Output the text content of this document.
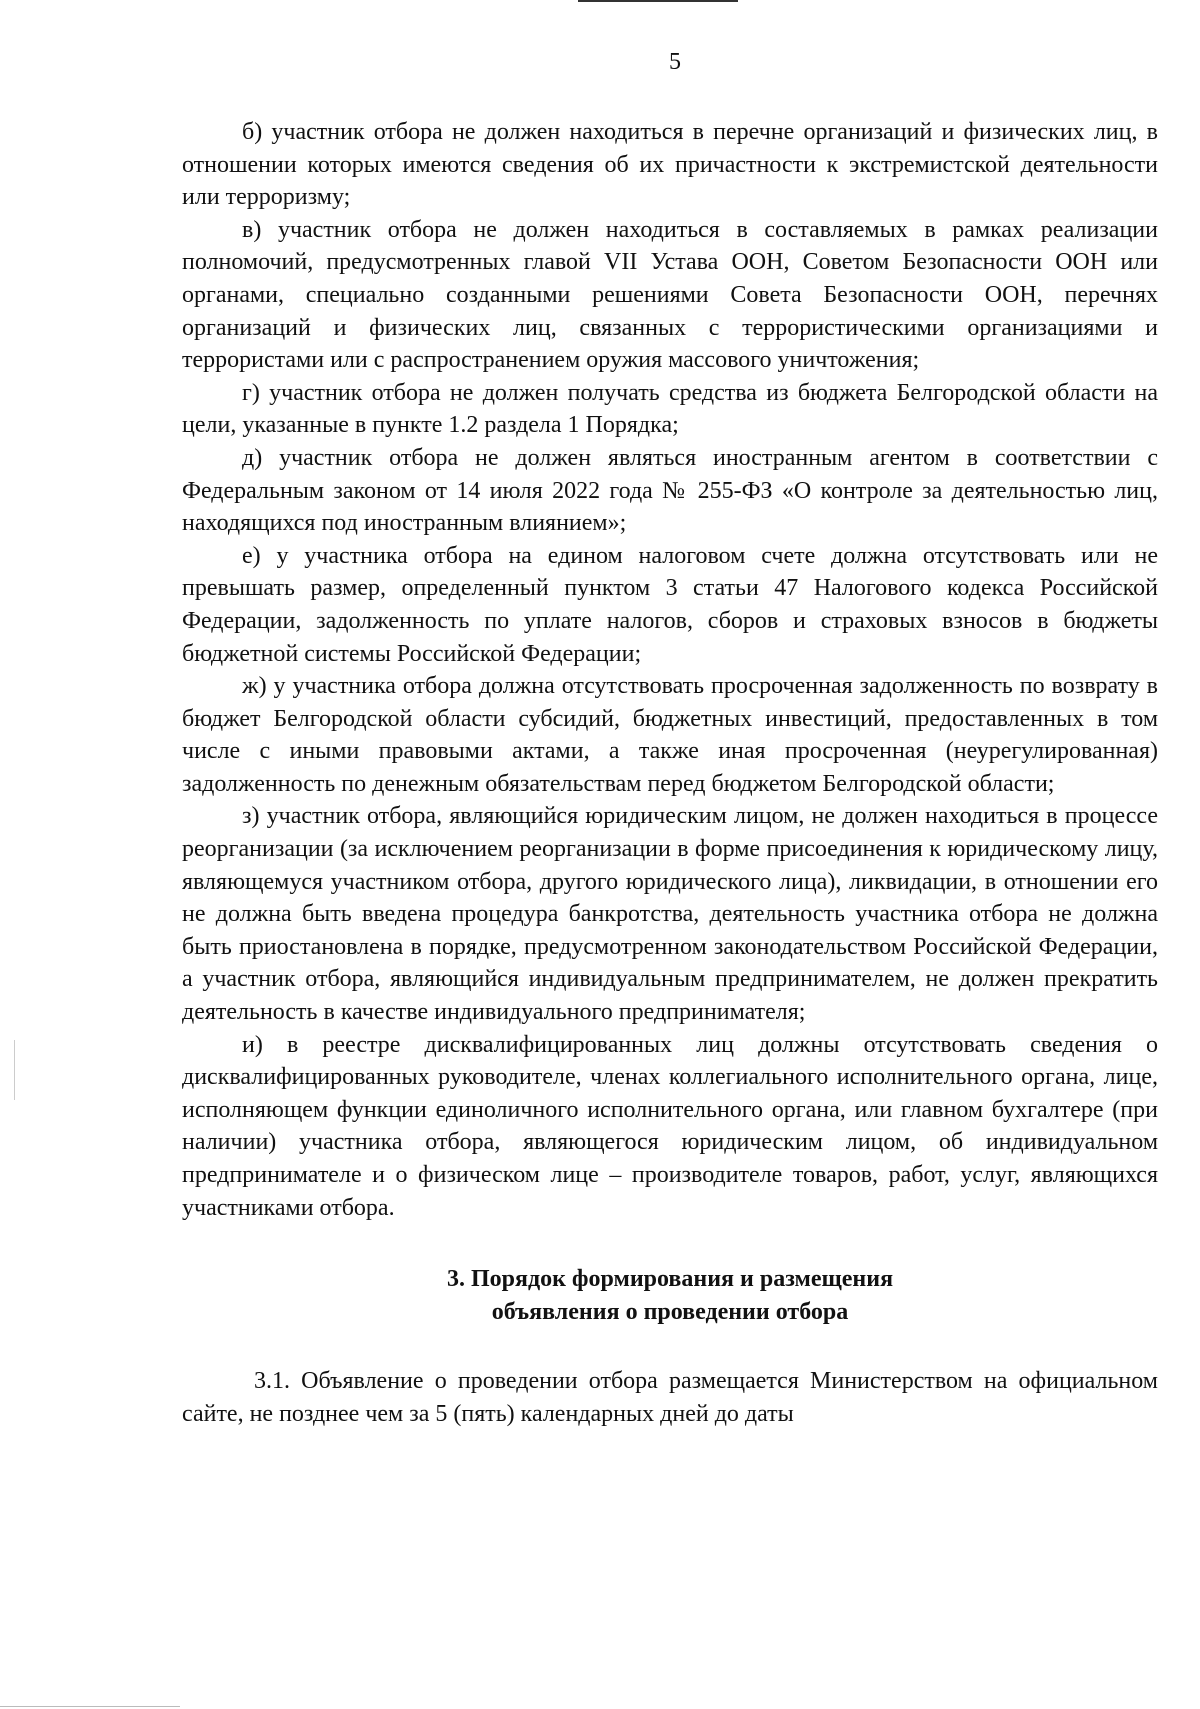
5

б) участник отбора не должен находиться в перечне организаций и физических лиц, в отношении которых имеются сведения об их причастности к экстремистской деятельности или терроризму;

в) участник отбора не должен находиться в составляемых в рамках реализации полномочий, предусмотренных главой VII Устава ООН, Советом Безопасности ООН или органами, специально созданными решениями Совета Безопасности ООН, перечнях организаций и физических лиц, связанных с террористическими организациями и террористами или с распространением оружия массового уничтожения;

г) участник отбора не должен получать средства из бюджета Белгородской области на цели, указанные в пункте 1.2 раздела 1 Порядка;

д) участник отбора не должен являться иностранным агентом в соответствии с Федеральным законом от 14 июля 2022 года № 255-ФЗ «О контроле за деятельностью лиц, находящихся под иностранным влиянием»;

е) у участника отбора на едином налоговом счете должна отсутствовать или не превышать размер, определенный пунктом 3 статьи 47 Налогового кодекса Российской Федерации, задолженность по уплате налогов, сборов и страховых взносов в бюджеты бюджетной системы Российской Федерации;

ж) у участника отбора должна отсутствовать просроченная задолженность по возврату в бюджет Белгородской области субсидий, бюджетных инвестиций, предоставленных в том числе с иными правовыми актами, а также иная просроченная (неурегулированная) задолженность по денежным обязательствам перед бюджетом Белгородской области;

з) участник отбора, являющийся юридическим лицом, не должен находиться в процессе реорганизации (за исключением реорганизации в форме присоединения к юридическому лицу, являющемуся участником отбора, другого юридического лица), ликвидации, в отношении его не должна быть введена процедура банкротства, деятельность участника отбора не должна быть приостановлена в порядке, предусмотренном законодательством Российской Федерации, а участник отбора, являющийся индивидуальным предпринимателем, не должен прекратить деятельность в качестве индивидуального предпринимателя;

и) в реестре дисквалифицированных лиц должны отсутствовать сведения о дисквалифицированных руководителе, членах коллегиального исполнительного органа, лице, исполняющем функции единоличного исполнительного органа, или главном бухгалтере (при наличии) участника отбора, являющегося юридическим лицом, об индивидуальном предпринимателе и о физическом лице – производителе товаров, работ, услуг, являющихся участниками отбора.

3. Порядок формирования и размещения
объявления о проведении отбора

3.1. Объявление о проведении отбора размещается Министерством на официальном сайте, не позднее чем за 5 (пять) календарных дней до даты
